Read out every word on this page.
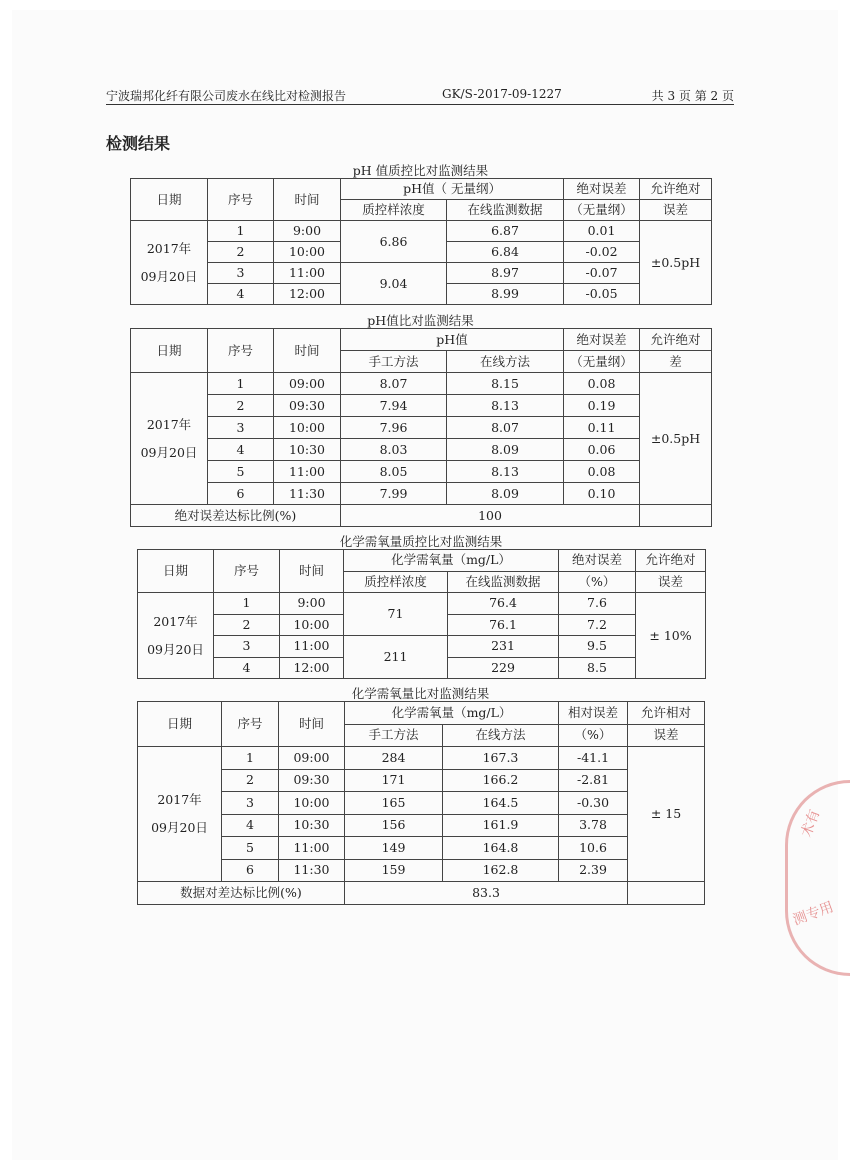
宁波瑞邦化纤有限公司废水在线比对检测报告	GK/S-2017-09-1227	共 3 页 第 2 页
检测结果
pH 值质控比对监测结果
日期	序号	时间	pH值（ 无量纲）		绝对误差	允许绝对
			质控样浓度	在线监测数据	（无量纲）	误差
2017年
09月20日	1	9:00	6.86	6.87	0.01	±0.5pH
	2	10:00		6.84	-0.02	
	3	11:00	9.04	8.97	-0.07	
	4	12:00		8.99	-0.05	
pH值比对监测结果
日期	序号	时间	pH值		绝对误差	允许绝对
			手工方法	在线方法	（无量纲）	差
2017年
09月20日	1	09:00	8.07	8.15	0.08	±0.5pH
	2	09:30	7.94	8.13	0.19	
	3	10:00	7.96	8.07	0.11	
	4	10:30	8.03	8.09	0.06	
	5	11:00	8.05	8.13	0.08	
	6	11:30	7.99	8.09	0.10	
绝对误差达标比例(%)			100			
化学需氧量质控比对监测结果
日期	序号	时间	化学需氧量（mg/L）		绝对误差	允许绝对
			质控样浓度	在线监测数据	（%）	误差
2017年
09月20日	1	9:00	71	76.4	7.6	± 10%
	2	10:00		76.1	7.2	
	3	11:00	211	231	9.5	
	4	12:00		229	8.5	
化学需氧量比对监测结果
日期	序号	时间	化学需氧量（mg/L）		相对误差	允许相对
			手工方法	在线方法	（%）	误差
2017年
09月20日	1	09:00	284	167.3	-41.1	± 15
	2	09:30	171	166.2	-2.81	
	3	10:00	165	164.5	-0.30	
	4	10:30	156	161.9	3.78	
	5	11:00	149	164.8	10.6	
	6	11:30	159	162.8	2.39	
数据对差达标比例(%)			83.3			
术有
测专用
